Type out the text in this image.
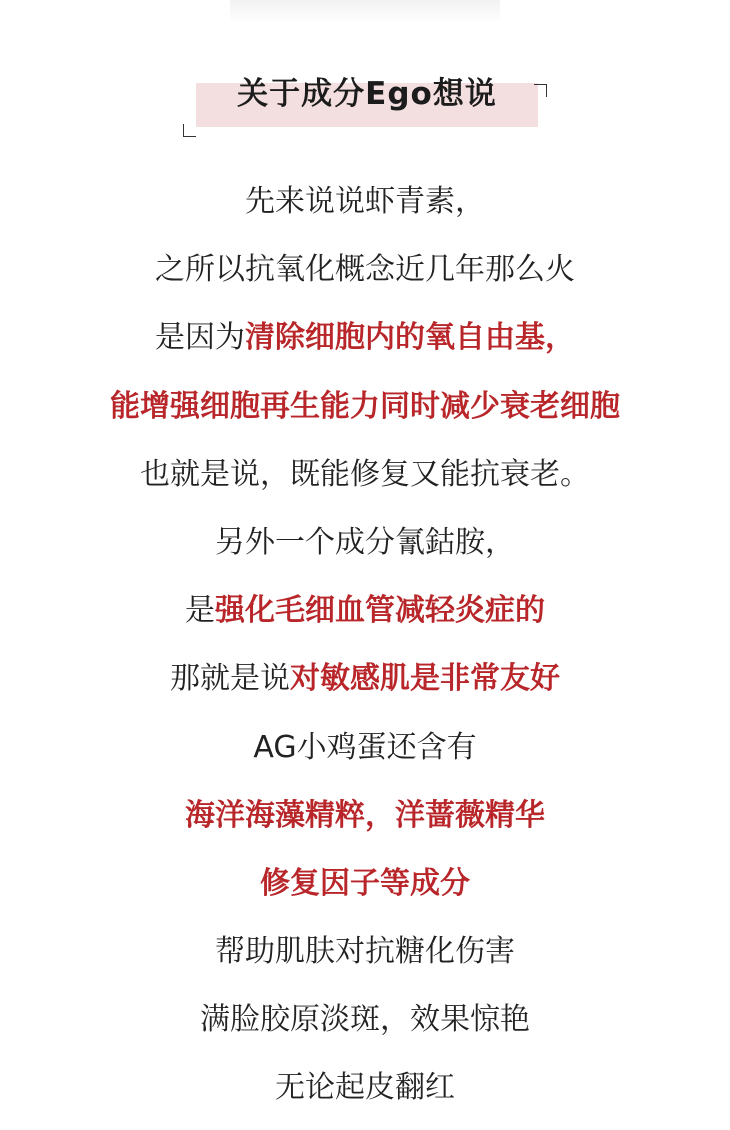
关于成分Ego想说
先来说说虾青素，
之所以抗氧化概念近几年那么火
是因为清除细胞内的氧自由基，
能增强细胞再生能力同时减少衰老细胞
也就是说，既能修复又能抗衰老。
另外一个成分氰鈷胺，
是强化毛细血管减轻炎症的
那就是说对敏感肌是非常友好
AG小鸡蛋还含有
海洋海藻精粹，洋蔷薇精华
修复因子等成分
帮助肌肤对抗糖化伤害
满脸胶原淡斑，效果惊艳
无论起皮翻红
